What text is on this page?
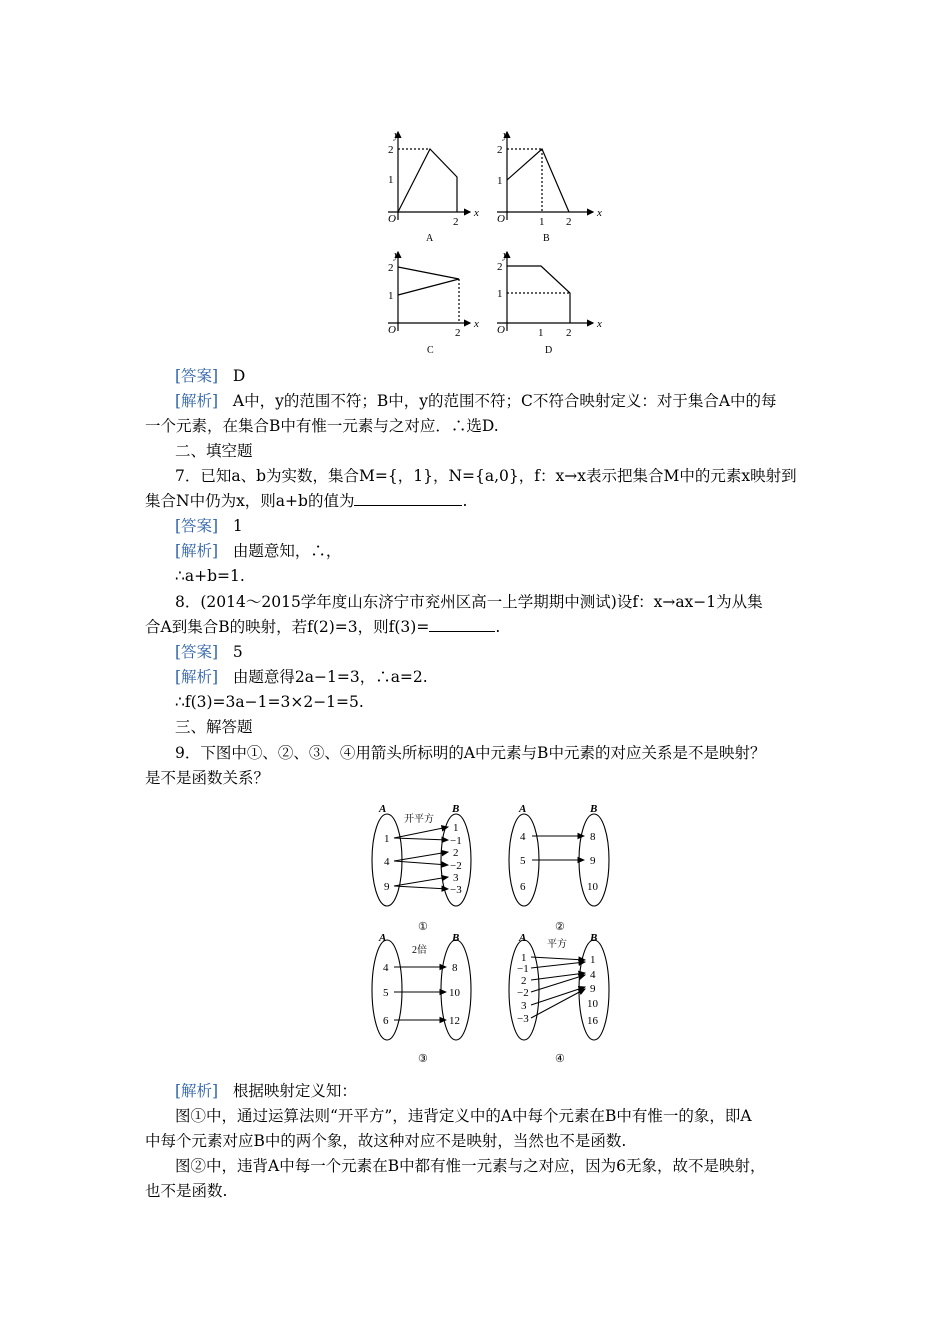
y
x
O
2
1
2
A
y
x
O
2
1
1 2
B
y
x
O
2
1
2
C
y
x
O
2
1
1 2
D
[答案] D
[解析] A中，y的范围不符；B中，y的范围不符；C不符合映射定义：对于集合A中的每
一个元素，在集合B中有惟一元素与之对应．∴选D.
二、填空题
7．已知a、b为实数，集合M={，1}，N={a,0}，f：x→x表示把集合M中的元素x映射到
集合N中仍为x，则a+b的值为	.
[答案] 1
[解析] 由题意知，∴，
∴a+b=1.
8．(2014～2015学年度山东济宁市兖州区高一上学期期中测试)设f：x→ax−1为从集
合A到集合B的映射，若f(2)=3，则f(3)=	.
[答案] 5
[解析] 由题意得2a−1=3，∴a=2.
∴f(3)=3a−1=3×2−1=5.
三、解答题
9．下图中①、②、③、④用箭头所标明的A中元素与B中元素的对应关系是不是映射？
是不是函数关系？
A	B
开平方
1
4
9
1
−1
2
−2
3
−3
①
A	B
4
5
6
8
9
10
②
A	B
2倍
4
5
6
8
10
12
③
A	B
平方
1
−1
2
−2
3
−3
1
4
9
10
16
④
[解析] 根据映射定义知：
图①中，通过运算法则“开平方”，违背定义中的A中每个元素在B中有惟一的象，即A
中每个元素对应B中的两个象，故这种对应不是映射，当然也不是函数.
图②中，违背A中每一个元素在B中都有惟一元素与之对应，因为6无象，故不是映射，
也不是函数.
